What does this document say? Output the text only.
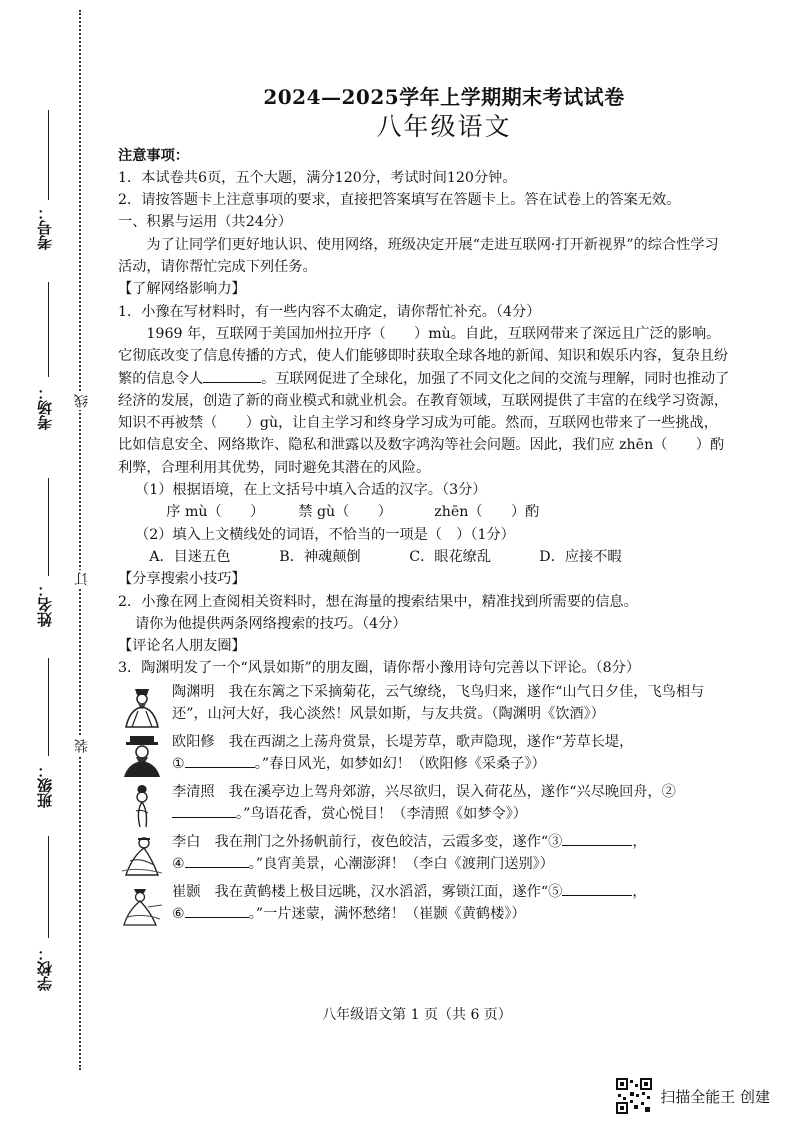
考号：
考场：
姓名：
班级：
学校：
线
订
装
2024—2025学年上学期期末考试试卷
八年级语文

注意事项：

1．本试卷共6页，五个大题，满分120分，考试时间120分钟。

2．请按答题卡上注意事项的要求，直接把答案填写在答题卡上。答在试卷上的答案无效。

一、积累与运用（共24分）

为了让同学们更好地认识、使用网络，班级决定开展“走进互联网·打开新视界”的综合性学习活动，请你帮忙完成下列任务。

【了解网络影响力】

1．小豫在写材料时，有一些内容不太确定，请你帮忙补充。（4分）

1969 年，互联网于美国加州拉开序（　　）mù。自此，互联网带来了深远且广泛的影响。它彻底改变了信息传播的方式，使人们能够即时获取全球各地的新闻、知识和娱乐内容，复杂且纷繁的信息令人	。互联网促进了全球化，加强了不同文化之间的交流与理解，同时也推动了经济的发展，创造了新的商业模式和就业机会。在教育领域，互联网提供了丰富的在线学习资源，知识不再被禁（　　）gù，让自主学习和终身学习成为可能。然而，互联网也带来了一些挑战，比如信息安全、网络欺诈、隐私和泄露以及数字鸿沟等社会问题。因此，我们应 zhēn（　　）酌利弊，合理利用其优势，同时避免其潜在的风险。

（1）根据语境，在上文括号中填入合适的汉字。（3分）

序 mù（　　）	禁 gù（　　）	zhēn（　　）酌

（2）填入上文横线处的词语，不恰当的一项是（　）（1分）

A．目迷五色	B．神魂颠倒	C．眼花缭乱	D．应接不暇

【分享搜索小技巧】

2．小豫在网上查阅相关资料时，想在海量的搜索结果中，精准找到所需要的信息。

请你为他提供两条网络搜索的技巧。（4分）

【评论名人朋友圈】

3．陶渊明发了一个“风景如斯”的朋友圈，请你帮小豫用诗句完善以下评论。（8分）

陶渊明　我在东篱之下采摘菊花，云气缭绕，飞鸟归来，遂作“山气日夕佳，飞鸟相与还”，山河大好，我心淡然！风景如斯，与友共赏。（陶渊明《饮酒》）
欧阳修　我在西湖之上荡舟赏景，长堤芳草，歌声隐现，遂作“芳草长堤，
①	。”春日风光，如梦如幻！（欧阳修《采桑子》）
李清照　我在溪亭边上驾舟郊游，兴尽欲归，误入荷花丛，遂作“兴尽晚回舟，②。”鸟语花香，赏心悦目！（李清照《如梦令》）
李白　我在荆门之外扬帆前行，夜色皎洁，云霞多变，遂作“③	，
④	。”良宵美景，心潮澎湃！（李白《渡荆门送别》）
崔颢　我在黄鹤楼上极目远眺，汉水滔滔，雾锁江面，遂作“⑤	，
⑥	。”一片迷蒙，满怀愁绪！（崔颢《黄鹤楼》）
八年级语文第 1 页（共 6 页）
扫描全能王 创建
